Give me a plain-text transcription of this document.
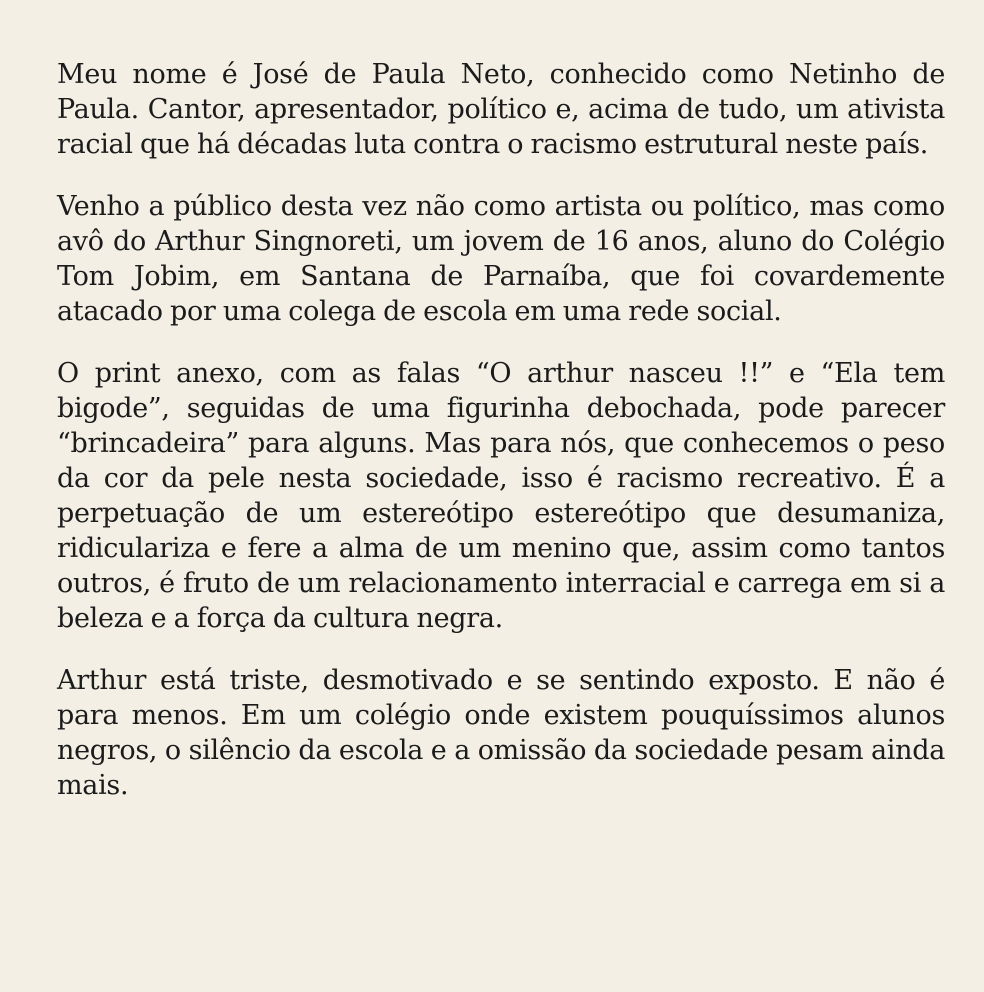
Meu nome é José de Paula Neto, conhecido como Netinho de Paula. Cantor, apresentador, político e, acima de tudo, um ativista racial que há décadas luta contra o racismo estrutural neste país.

Venho a público desta vez não como artista ou político, mas como avô do Arthur Singnoreti, um jovem de 16 anos, aluno do Colégio Tom Jobim, em Santana de Parnaíba, que foi covardemente atacado por uma colega de escola em uma rede social.

O print anexo, com as falas “O arthur nasceu !!” e “Ela tem bigode”, seguidas de uma figurinha debochada, pode parecer “brincadeira” para alguns. Mas para nós, que conhecemos o peso da cor da pele nesta sociedade, isso é racismo recreativo. É a perpetuação de um estereótipo estereótipo que desumaniza, ridiculariza e fere a alma de um menino que, assim como tantos outros, é fruto de um relacionamento interracial e carrega em si a beleza e a força da cultura negra.

Arthur está triste, desmotivado e se sentindo exposto. E não é para menos. Em um colégio onde existem pouquíssimos alunos negros, o silêncio da escola e a omissão da sociedade pesam ainda mais.
